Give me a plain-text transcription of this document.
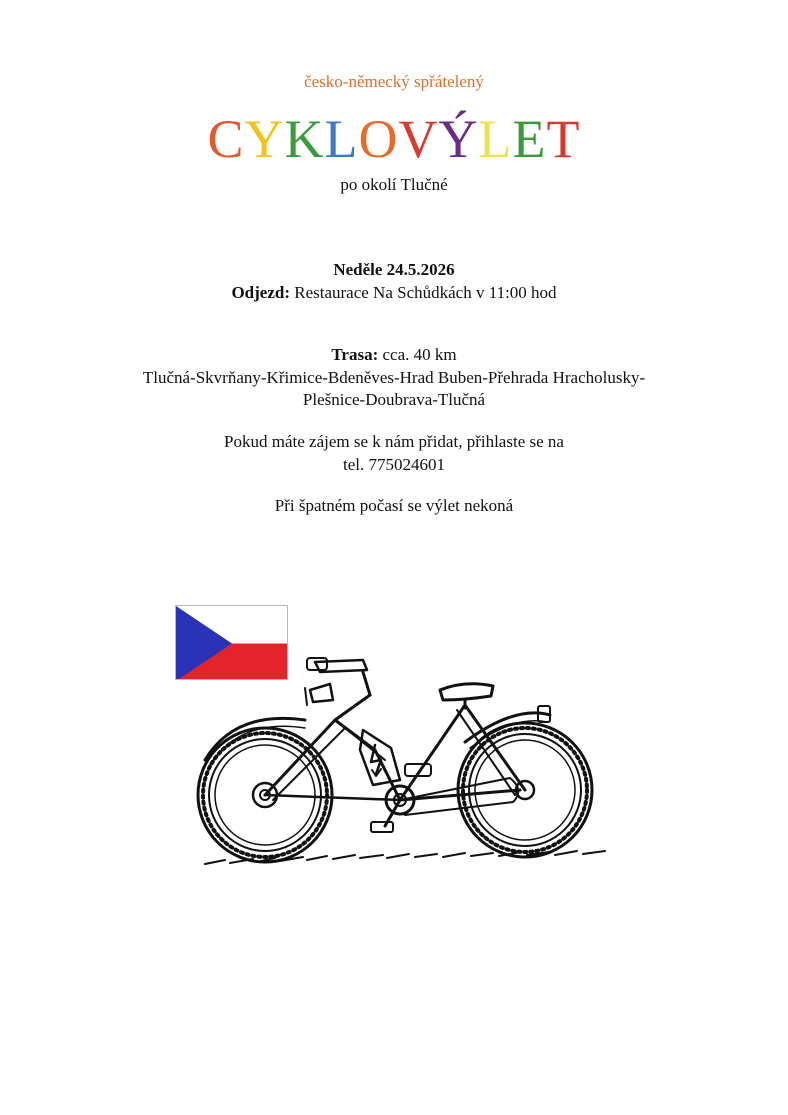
česko-německý spřátelený
CYKLOVÝLET
po okolí Tlučné
Neděle 24.5.2026
Odjezd: Restaurace Na Schůdkách v 11:00 hod
Trasa: cca. 40 km
Tlučná-Skvrňany-Křimice-Bdeněves-Hrad Buben-Přehrada Hracholusky-
Plešnice-Doubrava-Tlučná
Pokud máte zájem se k nám přidat, přihlaste se na
tel. 775024601
Při špatném počasí se výlet nekoná
